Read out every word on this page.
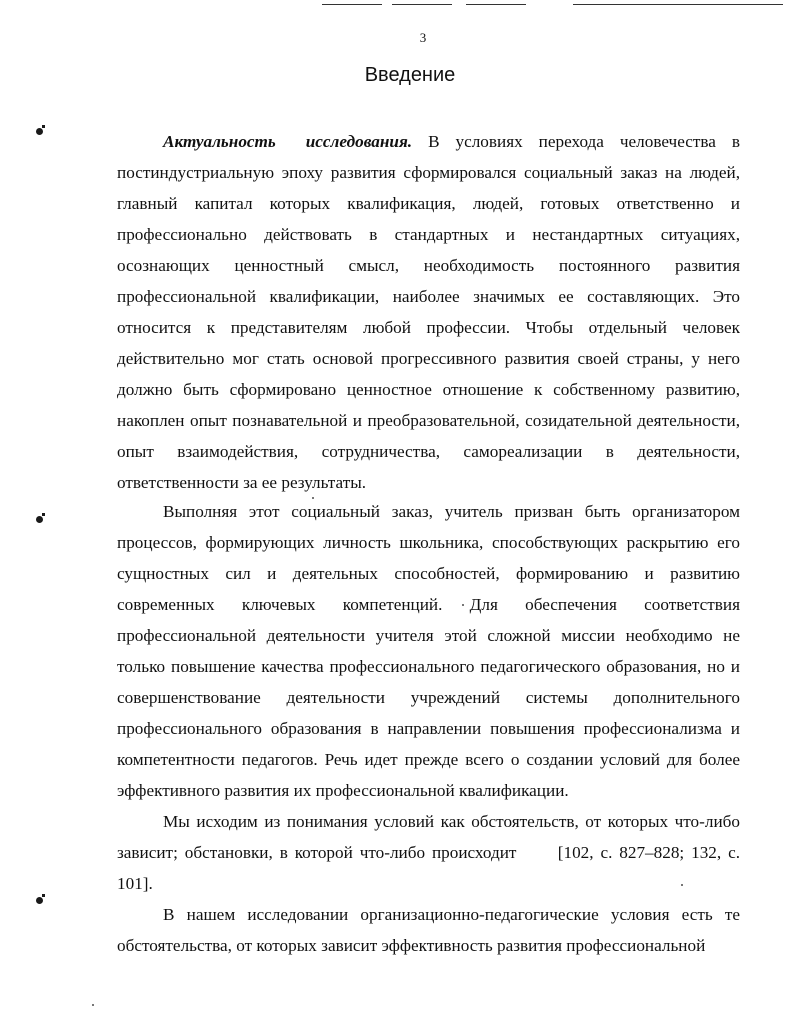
3
Введение

Актуальность исследования. В условиях перехода человечества в постиндустриальную эпоху развития сформировался социальный заказ на людей, главный капитал которых квалификация, людей, готовых ответственно и профессионально действовать в стандартных и нестандартных ситуациях, осознающих ценностный смысл, необходимость постоянного развития профессиональной квалификации, наиболее значимых ее составляющих. Это относится к представителям любой профессии. Чтобы отдельный человек действительно мог стать основой прогрессивного развития своей страны, у него должно быть сформировано ценностное отношение к собственному развитию, накоплен опыт познавательной и преобразовательной, созидательной деятельности, опыт взаимодействия, сотрудничества, самореализации в деятельности, ответственности за ее результаты.

Выполняя этот социальный заказ, учитель призван быть организатором процессов, формирующих личность школьника, способствующих раскрытию его сущностных сил и деятельных способностей, формированию и развитию современных ключевых компетенций. Для обеспечения соответствия профессиональной деятельности учителя этой сложной миссии необходимо не только повышение качества профессионального педагогического образования, но и совершенствование деятельности учреждений системы дополнительного профессионального образования в направлении повышения профессионализма и компетентности педагогов. Речь идет прежде всего о создании условий для более эффективного развития их профессиональной квалификации.

Мы исходим из понимания условий как обстоятельств, от которых что-либо зависит; обстановки, в которой что-либо происходит      [102, с. 827–828; 132, с. 101].

В нашем исследовании организационно-педагогические условия есть те обстоятельства, от которых зависит эффективность развития профессиональной
